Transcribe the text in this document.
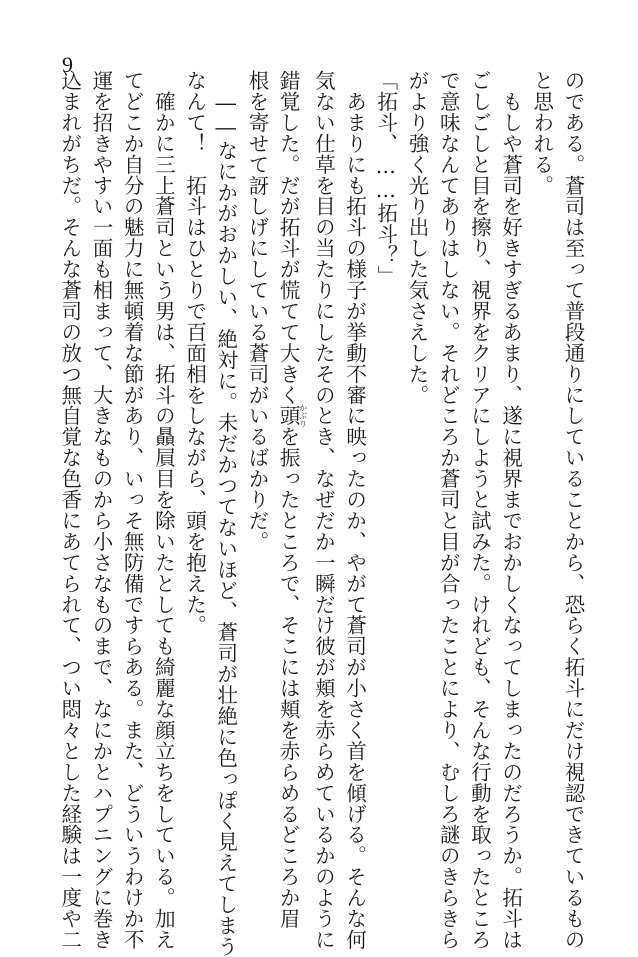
9
のである。蒼司は至って普段通りにしていることから、恐らく拓斗にだけ視認できているもの
と思われる。
　もしや蒼司を好きすぎるあまり、遂に視界までおかしくなってしまったのだろうか。拓斗は
ごしごしと目を擦り、視界をクリアにしようと試みた。けれども、そんな行動を取ったところ
で意味なんてありはしない。それどころか蒼司と目が合ったことにより、むしろ謎のきらきら
がより強く光り出した気さえした。
「拓斗、……拓斗？」
　あまりにも拓斗の様子が挙動不審に映ったのか、やがて蒼司が小さく首を傾げる。そんな何
気ない仕草を目の当たりにしたそのとき、なぜだか一瞬だけ彼が頬を赤らめているかのように
錯覚した。だが拓斗が慌てて大きく頭かぶりを振ったところで、そこには頬を赤らめるどころか眉
根を寄せて訝しげにしている蒼司がいるばかりだ。
　――なにかがおかしい、絶対に。未だかつてないほど、蒼司が壮絶に色っぽく見えてしまう
なんて！　拓斗はひとりで百面相をしながら、頭を抱えた。
　確かに三上蒼司という男は、拓斗の贔屓目を除いたとしても綺麗な顔立ちをしている。加え
てどこか自分の魅力に無頓着な節があり、いっそ無防備ですらある。また、どういうわけか不
運を招きやすい一面も相まって、大きなものから小さなものまで、なにかとハプニングに巻き
込まれがちだ。そんな蒼司の放つ無自覚な色香にあてられて、つい悶々とした経験は一度や二
